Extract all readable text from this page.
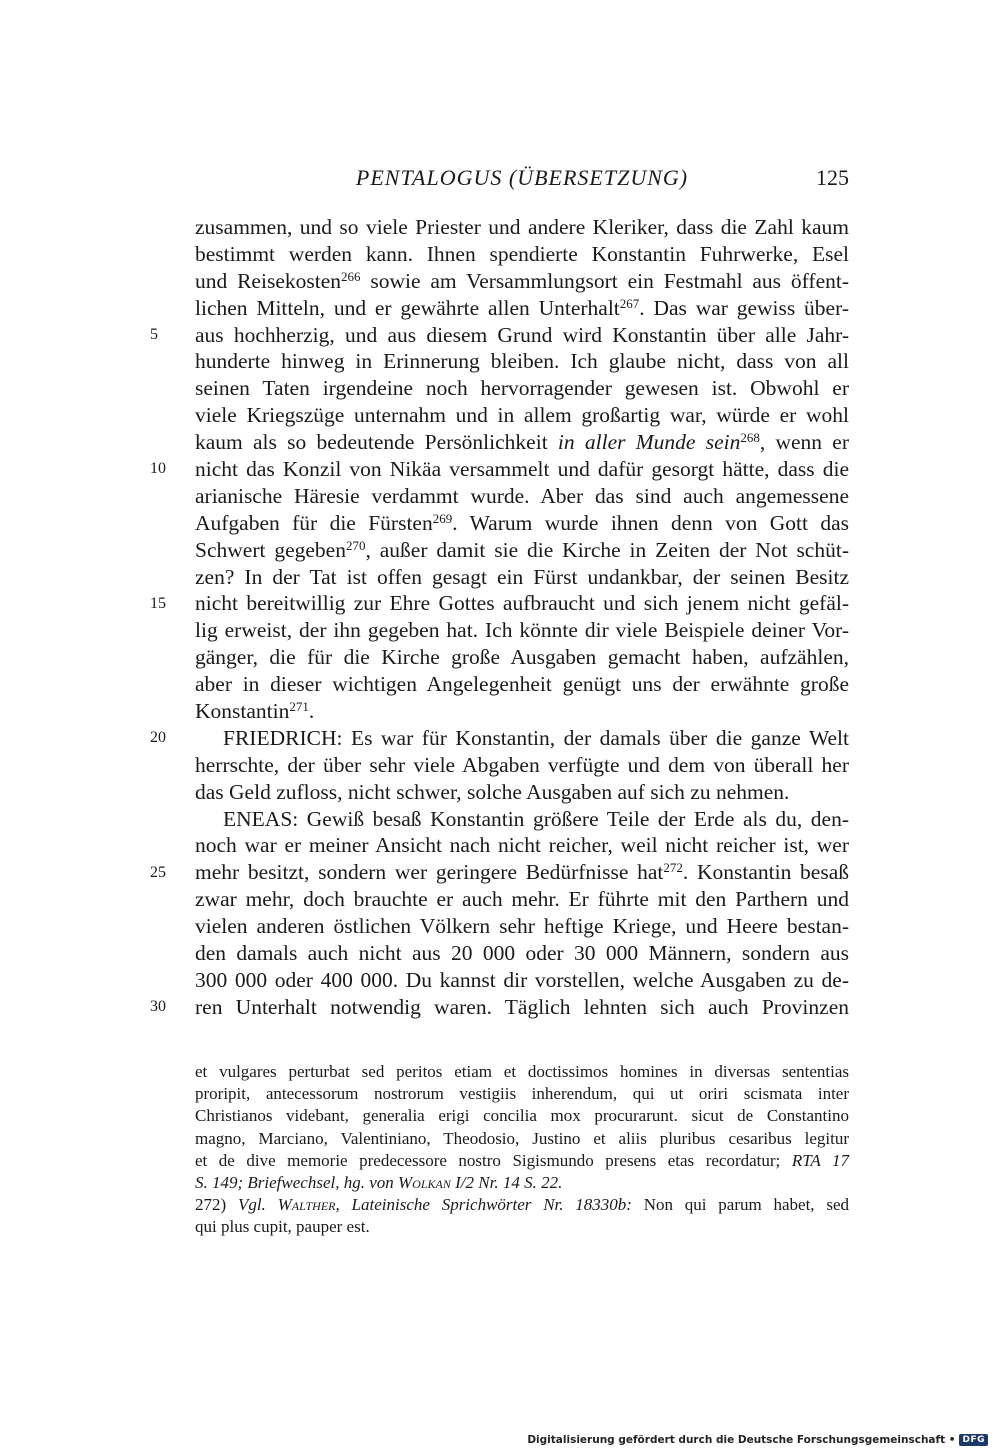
PENTALOGUS (ÜBERSETZUNG)	125
5
10
15
20
25
30
zusammen, und so viele Priester und andere Kleriker, dass die Zahl kaum
bestimmt werden kann. Ihnen spendierte Konstantin Fuhrwerke, Esel
und Reisekosten$^{266}$ sowie am Versammlungsort ein Festmahl aus öffent-
lichen Mitteln, und er gewährte allen Unterhalt$^{267}$. Das war gewiss über-
aus hochherzig, und aus diesem Grund wird Konstantin über alle Jahr-
hunderte hinweg in Erinnerung bleiben. Ich glaube nicht, dass von all
seinen Taten irgendeine noch hervorragender gewesen ist. Obwohl er
viele Kriegszüge unternahm und in allem großartig war, würde er wohl
kaum als so bedeutende Persönlichkeit in aller Munde sein$^{268}$, wenn er
nicht das Konzil von Nikäa versammelt und dafür gesorgt hätte, dass die
arianische Häresie verdammt wurde. Aber das sind auch angemessene
Aufgaben für die Fürsten$^{269}$. Warum wurde ihnen denn von Gott das
Schwert gegeben$^{270}$, außer damit sie die Kirche in Zeiten der Not schüt-
zen? In der Tat ist offen gesagt ein Fürst undankbar, der seinen Besitz
nicht bereitwillig zur Ehre Gottes aufbraucht und sich jenem nicht gefäl-
lig erweist, der ihn gegeben hat. Ich könnte dir viele Beispiele deiner Vor-
gänger, die für die Kirche große Ausgaben gemacht haben, aufzählen,
aber in dieser wichtigen Angelegenheit genügt uns der erwähnte große
Konstantin$^{271}$.
FRIEDRICH: Es war für Konstantin, der damals über die ganze Welt
herrschte, der über sehr viele Abgaben verfügte und dem von überall her
das Geld zufloss, nicht schwer, solche Ausgaben auf sich zu nehmen.
ENEAS: Gewiß besaß Konstantin größere Teile der Erde als du, den-
noch war er meiner Ansicht nach nicht reicher, weil nicht reicher ist, wer
mehr besitzt, sondern wer geringere Bedürfnisse hat$^{272}$. Konstantin besaß
zwar mehr, doch brauchte er auch mehr. Er führte mit den Parthern und
vielen anderen östlichen Völkern sehr heftige Kriege, und Heere bestan-
den damals auch nicht aus 20 000 oder 30 000 Männern, sondern aus
300 000 oder 400 000. Du kannst dir vorstellen, welche Ausgaben zu de-
ren Unterhalt notwendig waren. Täglich lehnten sich auch Provinzen
et vulgares perturbat sed peritos etiam et doctissimos homines in diversas sententias
proripit, antecessorum nostrorum vestigiis inherendum, qui ut oriri scismata inter
Christianos videbant, generalia erigi concilia mox procurarunt. sicut de Constantino
magno, Marciano, Valentiniano, Theodosio, Justino et aliis pluribus cesaribus legitur
et de dive memorie predecessore nostro Sigismundo presens etas recordatur; RTA 17
S. 149; Briefwechsel, hg. von Wolkan I/2 Nr. 14 S. 22.
272) Vgl. Walther, Lateinische Sprichwörter Nr. 18330b: Non qui parum habet, sed
qui plus cupit, pauper est.
Digitalisierung gefördert durch die Deutsche Forschungsgemeinschaft • DFG
